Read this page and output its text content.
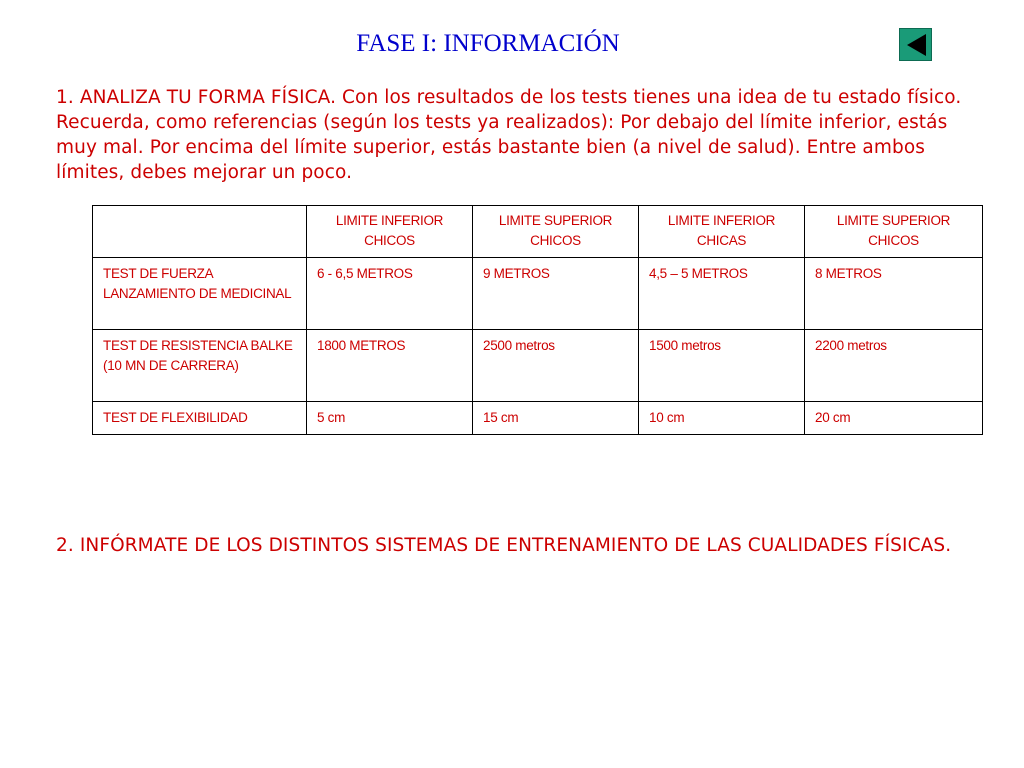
FASE I: INFORMACIÓN
1. ANALIZA TU FORMA FÍSICA. Con los resultados de los tests tienes una idea de tu estado físico. Recuerda, como referencias (según los tests ya realizados): Por debajo del límite inferior, estás muy mal. Por encima del límite superior, estás bastante bien (a nivel de salud). Entre ambos límites, debes mejorar un poco.
	LIMITE INFERIOR CHICOS	LIMITE SUPERIOR CHICOS	LIMITE INFERIOR CHICAS	LIMITE SUPERIOR CHICOS
TEST DE FUERZA LANZAMIENTO DE MEDICINAL	6 - 6,5 METROS	9 METROS	4,5 – 5 METROS	8 METROS
TEST DE RESISTENCIA BALKE (10 MN DE CARRERA)	1800 METROS	2500 metros	1500 metros	2200 metros
TEST DE FLEXIBILIDAD	5 cm	15 cm	10 cm	20 cm
2. INFÓRMATE DE LOS DISTINTOS SISTEMAS DE ENTRENAMIENTO DE LAS CUALIDADES FÍSICAS.
